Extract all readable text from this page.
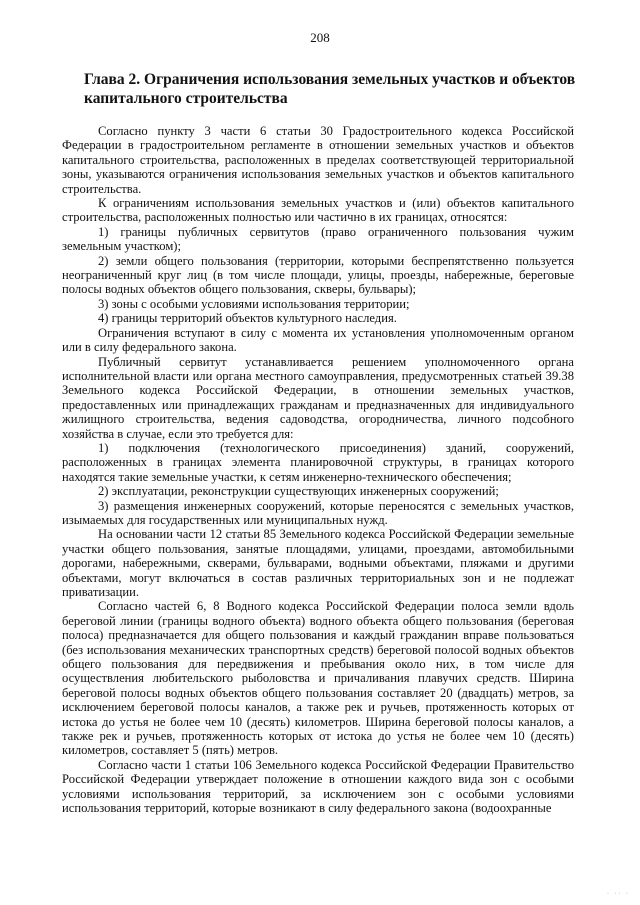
208
Глава 2. Ограничения использования земельных участков и объектов капитального строительства

Согласно пункту 3 части 6 статьи 30 Градостроительного кодекса Российской Федерации в градостроительном регламенте в отношении земельных участков и объектов капитального строительства, расположенных в пределах соответствующей территориальной зоны, указываются ограничения использования земельных участков и объектов капитального строительства.

К ограничениям использования земельных участков и (или) объектов капитального строительства, расположенных полностью или частично в их границах, относятся:

1) границы публичных сервитутов (право ограниченного пользования чужим земельным участком);

2) земли общего пользования (территории, которыми беспрепятственно пользуется неограниченный круг лиц (в том числе площади, улицы, проезды, набережные, береговые полосы водных объектов общего пользования, скверы, бульвары);

3) зоны с особыми условиями использования территории;

4) границы территорий объектов культурного наследия.

Ограничения вступают в силу с момента их установления уполномоченным органом или в силу федерального закона.

Публичный сервитут устанавливается решением уполномоченного органа исполнительной власти или органа местного самоуправления, предусмотренных статьей 39.38 Земельного кодекса Российской Федерации, в отношении земельных участков, предоставленных или принадлежащих гражданам и предназначенных для индивидуального жилищного строительства, ведения садоводства, огородничества, личного подсобного хозяйства в случае, если это требуется для:

1) подключения (технологического присоединения) зданий, сооружений, расположенных в границах элемента планировочной структуры, в границах которого находятся такие земельные участки, к сетям инженерно-технического обеспечения;

2) эксплуатации, реконструкции существующих инженерных сооружений;

3) размещения инженерных сооружений, которые переносятся с земельных участков, изымаемых для государственных или муниципальных нужд.

На основании части 12 статьи 85 Земельного кодекса Российской Федерации земельные участки общего пользования, занятые площадями, улицами, проездами, автомобильными дорогами, набережными, скверами, бульварами, водными объектами, пляжами и другими объектами, могут включаться в состав различных территориальных зон и не подлежат приватизации.

Согласно частей 6, 8 Водного кодекса Российской Федерации полоса земли вдоль береговой линии (границы водного объекта) водного объекта общего пользования (береговая полоса) предназначается для общего пользования и каждый гражданин вправе пользоваться (без использования механических транспортных средств) береговой полосой водных объектов общего пользования для передвижения и пребывания около них, в том числе для осуществления любительского рыболовства и причаливания плавучих средств. Ширина береговой полосы водных объектов общего пользования составляет 20 (двадцать) метров, за исключением береговой полосы каналов, а также рек и ручьев, протяженность которых от истока до устья не более чем 10 (десять) километров. Ширина береговой полосы каналов, а также рек и ручьев, протяженность которых от истока до устья не более чем 10 (десять) километров, составляет 5 (пять) метров.

Согласно части 1 статьи 106 Земельного кодекса Российской Федерации Правительство Российской Федерации утверждает положение в отношении каждого вида зон с особыми условиями использования территорий, за исключением зон с особыми условиями использования территорий, которые возникают в силу федерального закона (водоохранные

· ·· ·
